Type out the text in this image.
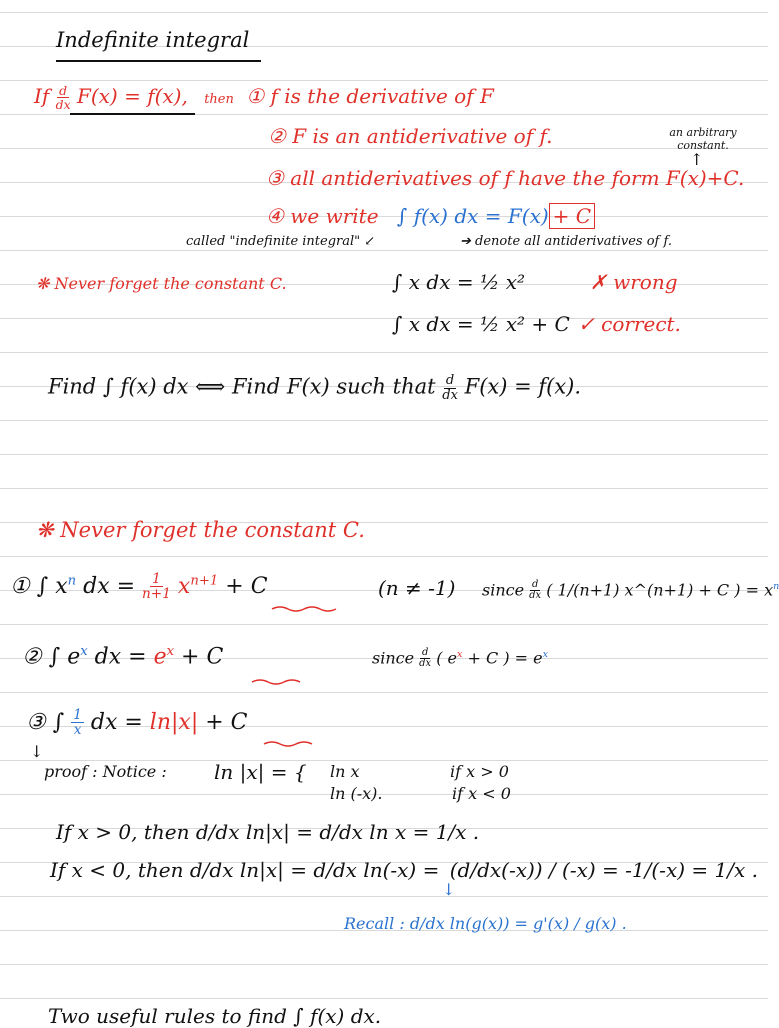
Indefinite integral
If $\frac{d}{dx} F(x) = f(x)$, then ① f is the derivative of F
② F is an antiderivative of f.	an arbitrary constant.
↑
③ all antiderivatives of f have the form F(x)+C.
④ we write ∫ f(x) dx = F(x) + C
called "indefinite integral" ↙	➔ denote all antiderivatives of f.
❋ Never forget the constant C.	∫ x dx = ½ x²	✗ wrong
∫ x dx = ½ x² + C ✓ correct.
Find ∫ f(x) dx ⟺ Find F(x) such that $\frac{d}{dx} F(x) = f(x)$.
❋ Never forget the constant C.
① ∫ $x^n$ dx = $\frac{1}{n+1} x^{n+1} + C$	(n ≠ -1) since $\frac{d}{dx}$ ( 1/(n+1) x^(n+1) + C ) = $x^n$
② ∫ $e^x$ dx = $e^x + C$	since $\frac{d}{dx}$ ( $e^x + C$ ) = $e^x$
③ ∫ $\frac{1}{x}$ dx = ln|x| + C
↓
proof : Notice : ln |x| = { ln x	if x > 0
ln (-x).	if x < 0
If x > 0, then d/dx ln|x| = d/dx ln x = 1/x .
If x < 0, then d/dx ln|x| = d/dx ln(-x) = (d/dx(-x)) / (-x) = -1/(-x) = 1/x .
↓
Recall : d/dx ln(g(x)) = g'(x) / g(x) .
Two useful rules to find ∫ f(x) dx.
